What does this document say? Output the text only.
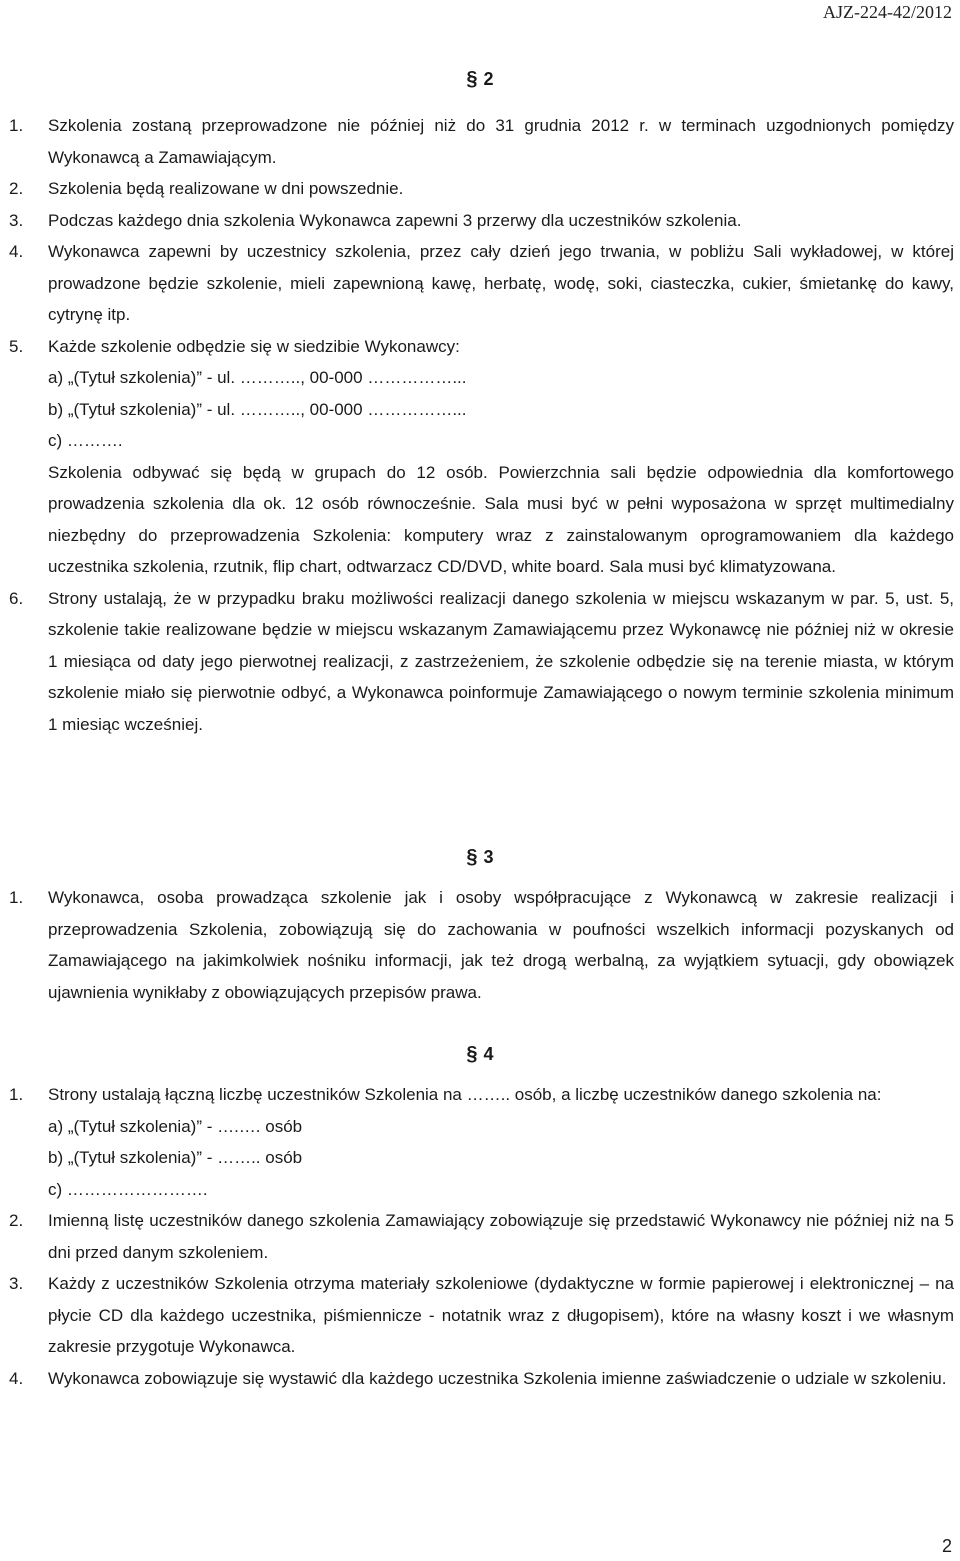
AJZ-224-42/2012
§ 2
1. Szkolenia zostaną przeprowadzone nie później niż do 31 grudnia 2012 r. w terminach uzgodnionych pomiędzy Wykonawcą a Zamawiającym.
2. Szkolenia będą realizowane w dni powszednie.
3. Podczas każdego dnia szkolenia Wykonawca zapewni 3 przerwy dla uczestników szkolenia.
4. Wykonawca zapewni by uczestnicy szkolenia, przez cały dzień jego trwania, w pobliżu Sali wykładowej, w której prowadzone będzie szkolenie, mieli zapewnioną kawę, herbatę, wodę, soki, ciasteczka, cukier, śmietankę do kawy, cytrynę itp.
5. Każde szkolenie odbędzie się w siedzibie Wykonawcy:
a) „(Tytuł szkolenia)” - ul. ……….., 00-000 ……………...
b) „(Tytuł szkolenia)” - ul. ……….., 00-000 ……………...
c) ……….
Szkolenia odbywać się będą w grupach do 12 osób. Powierzchnia sali będzie odpowiednia dla komfortowego prowadzenia szkolenia dla ok. 12 osób równocześnie. Sala musi być w pełni wyposażona w sprzęt multimedialny niezbędny do przeprowadzenia Szkolenia: komputery wraz z zainstalowanym oprogramowaniem dla każdego uczestnika szkolenia, rzutnik, flip chart, odtwarzacz CD/DVD, white board. Sala musi być klimatyzowana.
6. Strony ustalają, że w przypadku braku możliwości realizacji danego szkolenia w miejscu wskazanym w par. 5, ust. 5, szkolenie takie realizowane będzie w miejscu wskazanym Zamawiającemu przez Wykonawcę nie później niż w okresie 1 miesiąca od daty jego pierwotnej realizacji, z zastrzeżeniem, że szkolenie odbędzie się na terenie miasta, w którym szkolenie miało się pierwotnie odbyć, a Wykonawca poinformuje Zamawiającego o nowym terminie szkolenia minimum 1 miesiąc wcześniej.
§ 3
1. Wykonawca, osoba prowadząca szkolenie jak i osoby współpracujące z Wykonawcą w zakresie realizacji i przeprowadzenia Szkolenia, zobowiązują się do zachowania w poufności wszelkich informacji pozyskanych od Zamawiającego na jakimkolwiek nośniku informacji, jak też drogą werbalną, za wyjątkiem sytuacji, gdy obowiązek ujawnienia wynikłaby z obowiązujących przepisów prawa.
§ 4
1. Strony ustalają łączną liczbę uczestników Szkolenia na …….. osób, a liczbę uczestników danego szkolenia na:
a) „(Tytuł szkolenia)” - ….…. osób
b) „(Tytuł szkolenia)” - …….. osób
c) …………………….
2. Imienną listę uczestników danego szkolenia Zamawiający zobowiązuje się przedstawić Wykonawcy nie później niż na 5 dni przed danym szkoleniem.
3. Każdy z uczestników Szkolenia otrzyma materiały szkoleniowe (dydaktyczne w formie papierowej i elektronicznej – na płycie CD dla każdego uczestnika, piśmiennicze - notatnik wraz z długopisem), które na własny koszt i we własnym zakresie przygotuje Wykonawca.
4. Wykonawca zobowiązuje się wystawić dla każdego uczestnika Szkolenia imienne zaświadczenie o udziale w szkoleniu.
2
